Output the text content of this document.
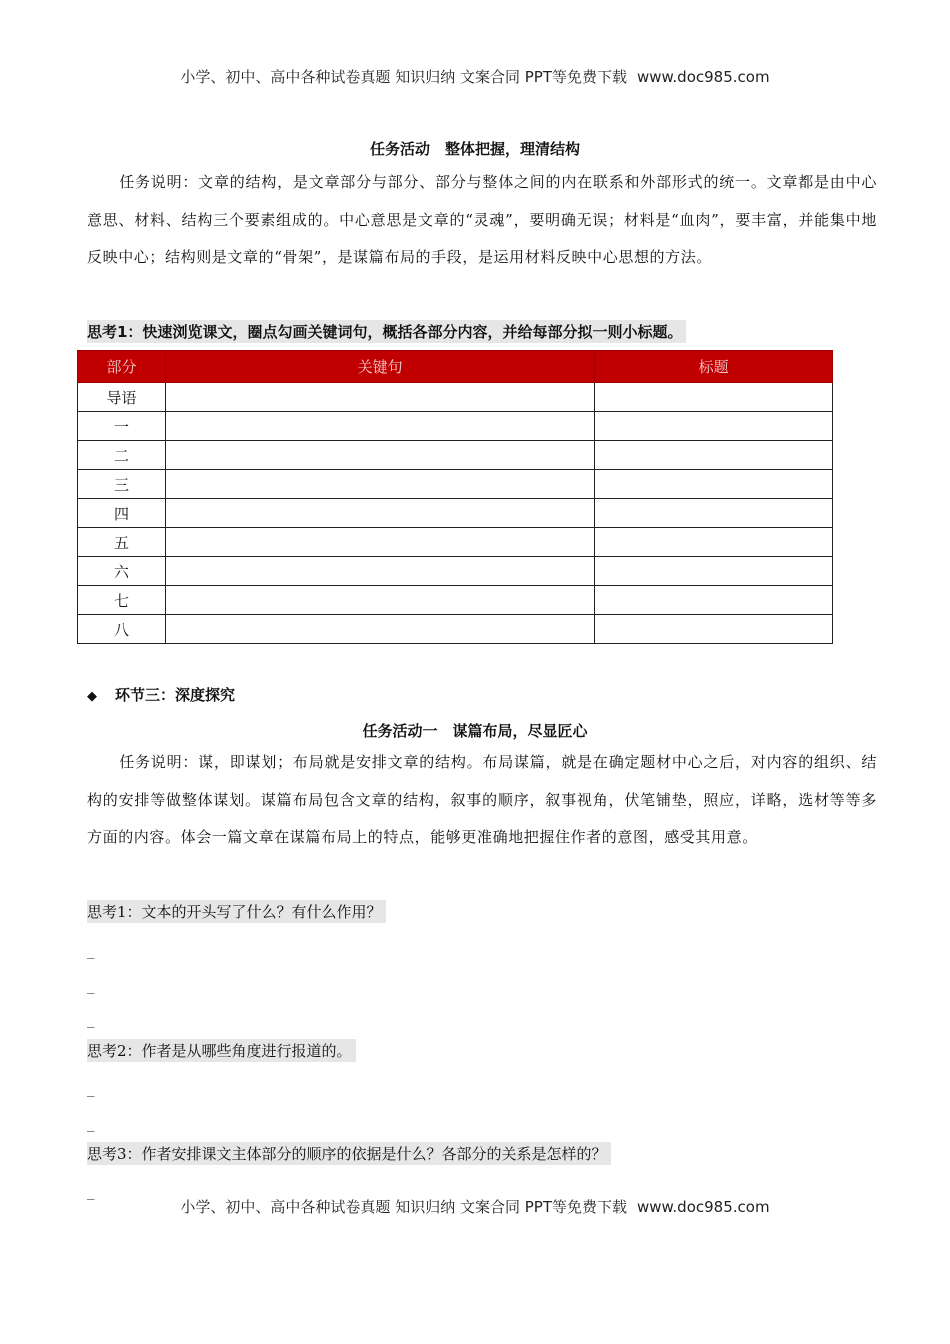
小学、初中、高中各种试卷真题 知识归纳 文案合同 PPT等免费下载 www.doc985.com
任务活动　整体把握，理清结构
任务说明：文章的结构，是文章部分与部分、部分与整体之间的内在联系和外部形式的统一。文章都是由中心意思、材料、结构三个要素组成的。中心意思是文章的“灵魂”，要明确无误；材料是“血肉”，要丰富，并能集中地反映中心；结构则是文章的“骨架”，是谋篇布局的手段，是运用材料反映中心思想的方法。
思考1：快速浏览课文，圈点勾画关键词句，概括各部分内容，并给每部分拟一则小标题。
部分	关键句	标题
导语		
一		
二		
三		
四		
五		
六		
七		
八		
◆ 环节三：深度探究
任务活动一　谋篇布局，尽显匠心
任务说明：谋，即谋划；布局就是安排文章的结构。布局谋篇，就是在确定题材中心之后，对内容的组织、结构的安排等做整体谋划。谋篇布局包含文章的结构，叙事的顺序，叙事视角，伏笔铺垫，照应，详略，选材等等多方面的内容。体会一篇文章在谋篇布局上的特点，能够更准确地把握住作者的意图，感受其用意。
思考1：文本的开头写了什么？有什么作用？
_
_
_
思考2：作者是从哪些角度进行报道的。
_
_
思考3：作者安排课文主体部分的顺序的依据是什么？各部分的关系是怎样的？
_
小学、初中、高中各种试卷真题 知识归纳 文案合同 PPT等免费下载 www.doc985.com
